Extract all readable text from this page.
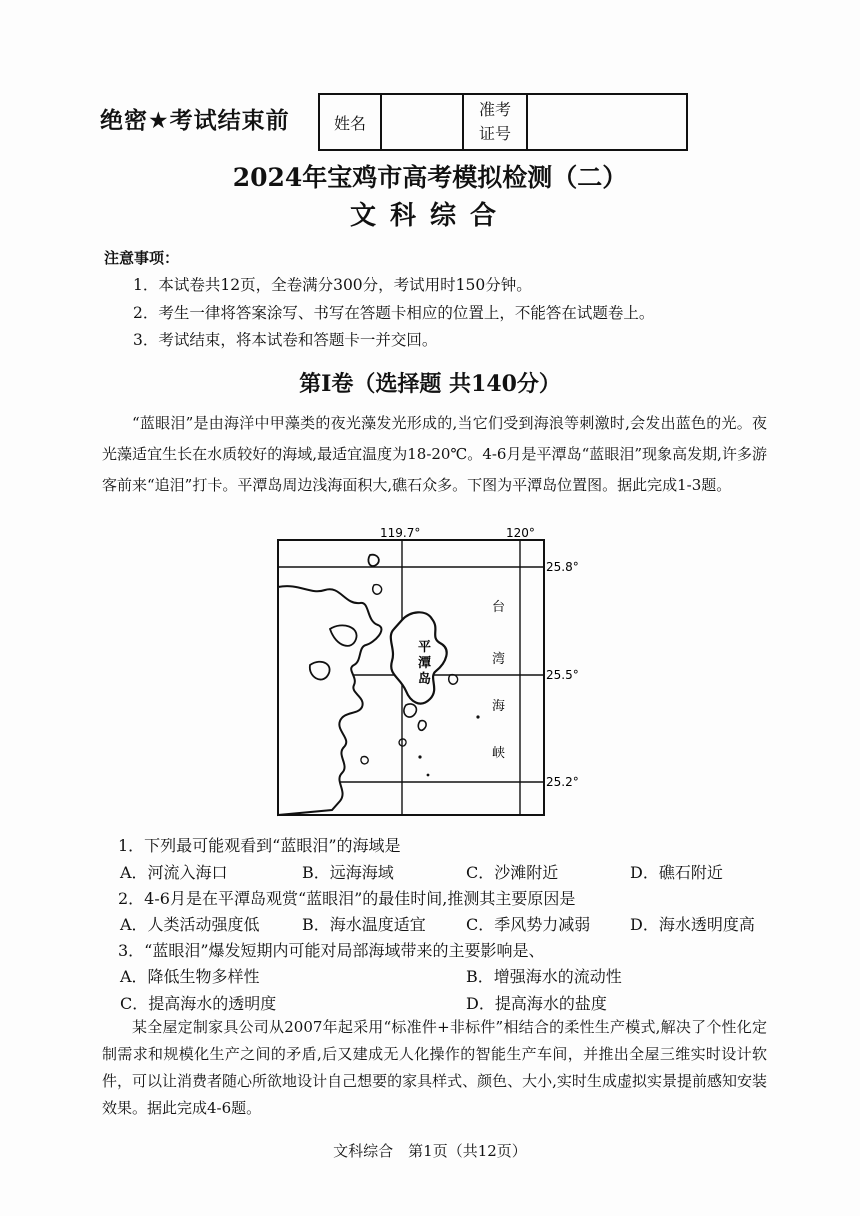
绝密★考试结束前	姓名		准考
证号	
2024年宝鸡市高考模拟检测（二）
文科综合
注意事项：
1．本试卷共12页，全卷满分300分，考试用时150分钟。
2．考生一律将答案涂写、书写在答题卡相应的位置上，不能答在试题卷上。
3．考试结束，将本试卷和答题卡一并交回。
第Ⅰ卷（选择题 共140分）
“蓝眼泪”是由海洋中甲藻类的夜光藻发光形成的,当它们受到海浪等刺激时,会发出蓝色的光。夜光藻适宜生长在水质较好的海域,最适宜温度为18-20℃。4-6月是平潭岛“蓝眼泪”现象高发期,许多游客前来“追泪”打卡。平潭岛周边浅海面积大,礁石众多。下图为平潭岛位置图。据此完成1-3题。
119.7°	120°
25.8°
25.5°
25.2°
平
潭
岛
台
湾
海
峡
1．下列最可能观看到“蓝眼泪”的海域是
A．河流入海口	B．远海海域	C．沙滩附近	D．礁石附近
2．4-6月是在平潭岛观赏“蓝眼泪”的最佳时间,推测其主要原因是
A．人类活动强度低	B．海水温度适宜	C．季风势力减弱 D．海水透明度高
3．“蓝眼泪”爆发短期内可能对局部海域带来的主要影响是、
A．降低生物多样性	B．增强海水的流动性
C．提高海水的透明度	D．提高海水的盐度
某全屋定制家具公司从2007年起采用“标准件+非标件”相结合的柔性生产模式,解决了个性化定制需求和规模化生产之间的矛盾,后又建成无人化操作的智能生产车间，并推出全屋三维实时设计软件，可以让消费者随心所欲地设计自己想要的家具样式、颜色、大小,实时生成虚拟实景提前感知安装效果。据此完成4-6题。
文科综合　第1页（共12页）
